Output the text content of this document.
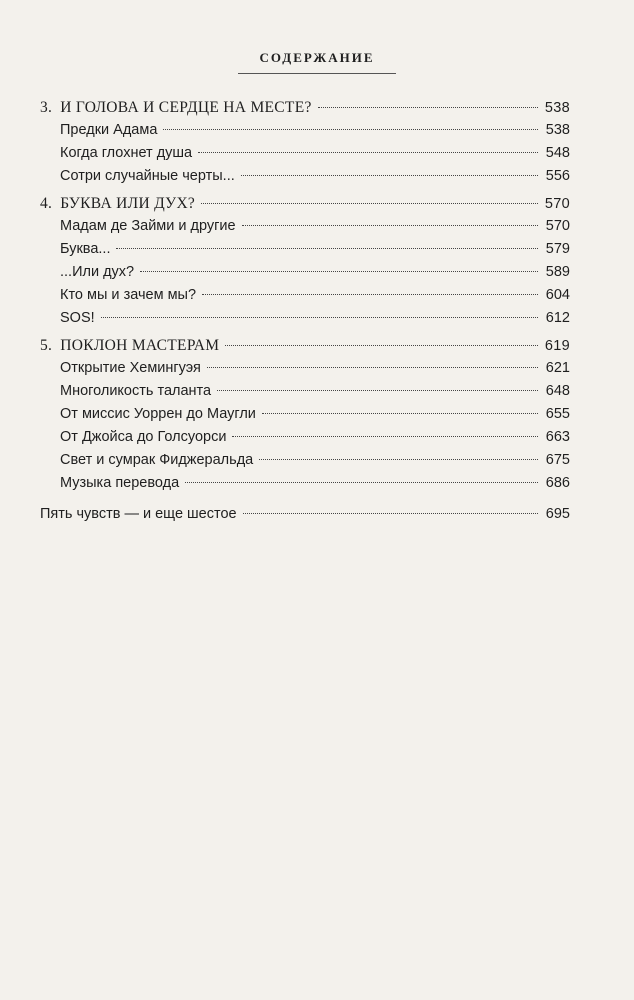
СОДЕРЖАНИЕ
3. И ГОЛОВА И СЕРДЦЕ НА МЕСТЕ?	538
Предки Адама	538
Когда глохнет душа	548
Сотри случайные черты...	556
4. БУКВА ИЛИ ДУХ?	570
Мадам де Займи и другие	570
Буква...	579
...Или дух?	589
Кто мы и зачем мы?	604
SOS!	612
5. ПОКЛОН МАСТЕРАМ	619
Открытие Хемингуэя	621
Многоликость таланта	648
От миссис Уоррен до Маугли	655
От Джойса до Голсуорси	663
Свет и сумрак Фиджеральда	675
Музыка перевода	686
Пять чувств — и еще шестое	695
